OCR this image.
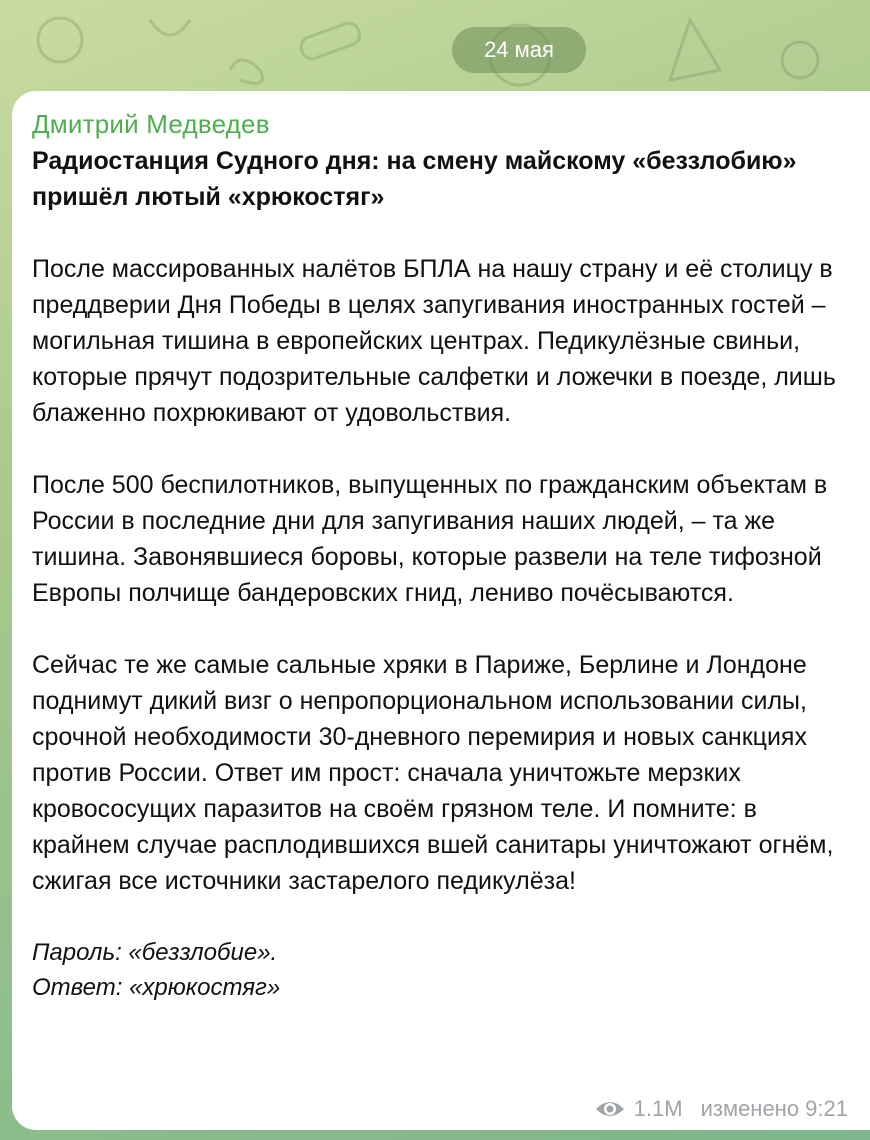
24 мая

Дмитрий Медведев

Радиостанция Судного дня: на смену майскому «беззлобию» пришёл лютый «хрюкостяг»

После массированных налётов БПЛА на нашу страну и её столицу в преддверии Дня Победы в целях запугивания иностранных гостей – могильная тишина в европейских центрах. Педикулёзные свиньи, которые прячут подозрительные салфетки и ложечки в поезде, лишь блаженно похрюкивают от удовольствия.

После 500 беспилотников, выпущенных по гражданским объектам в России в последние дни для запугивания наших людей, – та же тишина. Завонявшиеся боровы, которые развели на теле тифозной Европы полчище бандеровских гнид, лениво почёсываются.

Сейчас те же самые сальные хряки в Париже, Берлине и Лондоне поднимут дикий визг о непропорциональном использовании силы, срочной необходимости 30-дневного перемирия и новых санкциях против России. Ответ им прост: сначала уничтожьте мерзких кровососущих паразитов на своём грязном теле. И помните: в крайнем случае расплодившихся вшей санитары уничтожают огнём, сжигая все источники застарелого педикулёза!

Пароль: «беззлобие».

Ответ: «хрюкостяг»

1.1M изменено 9:21
